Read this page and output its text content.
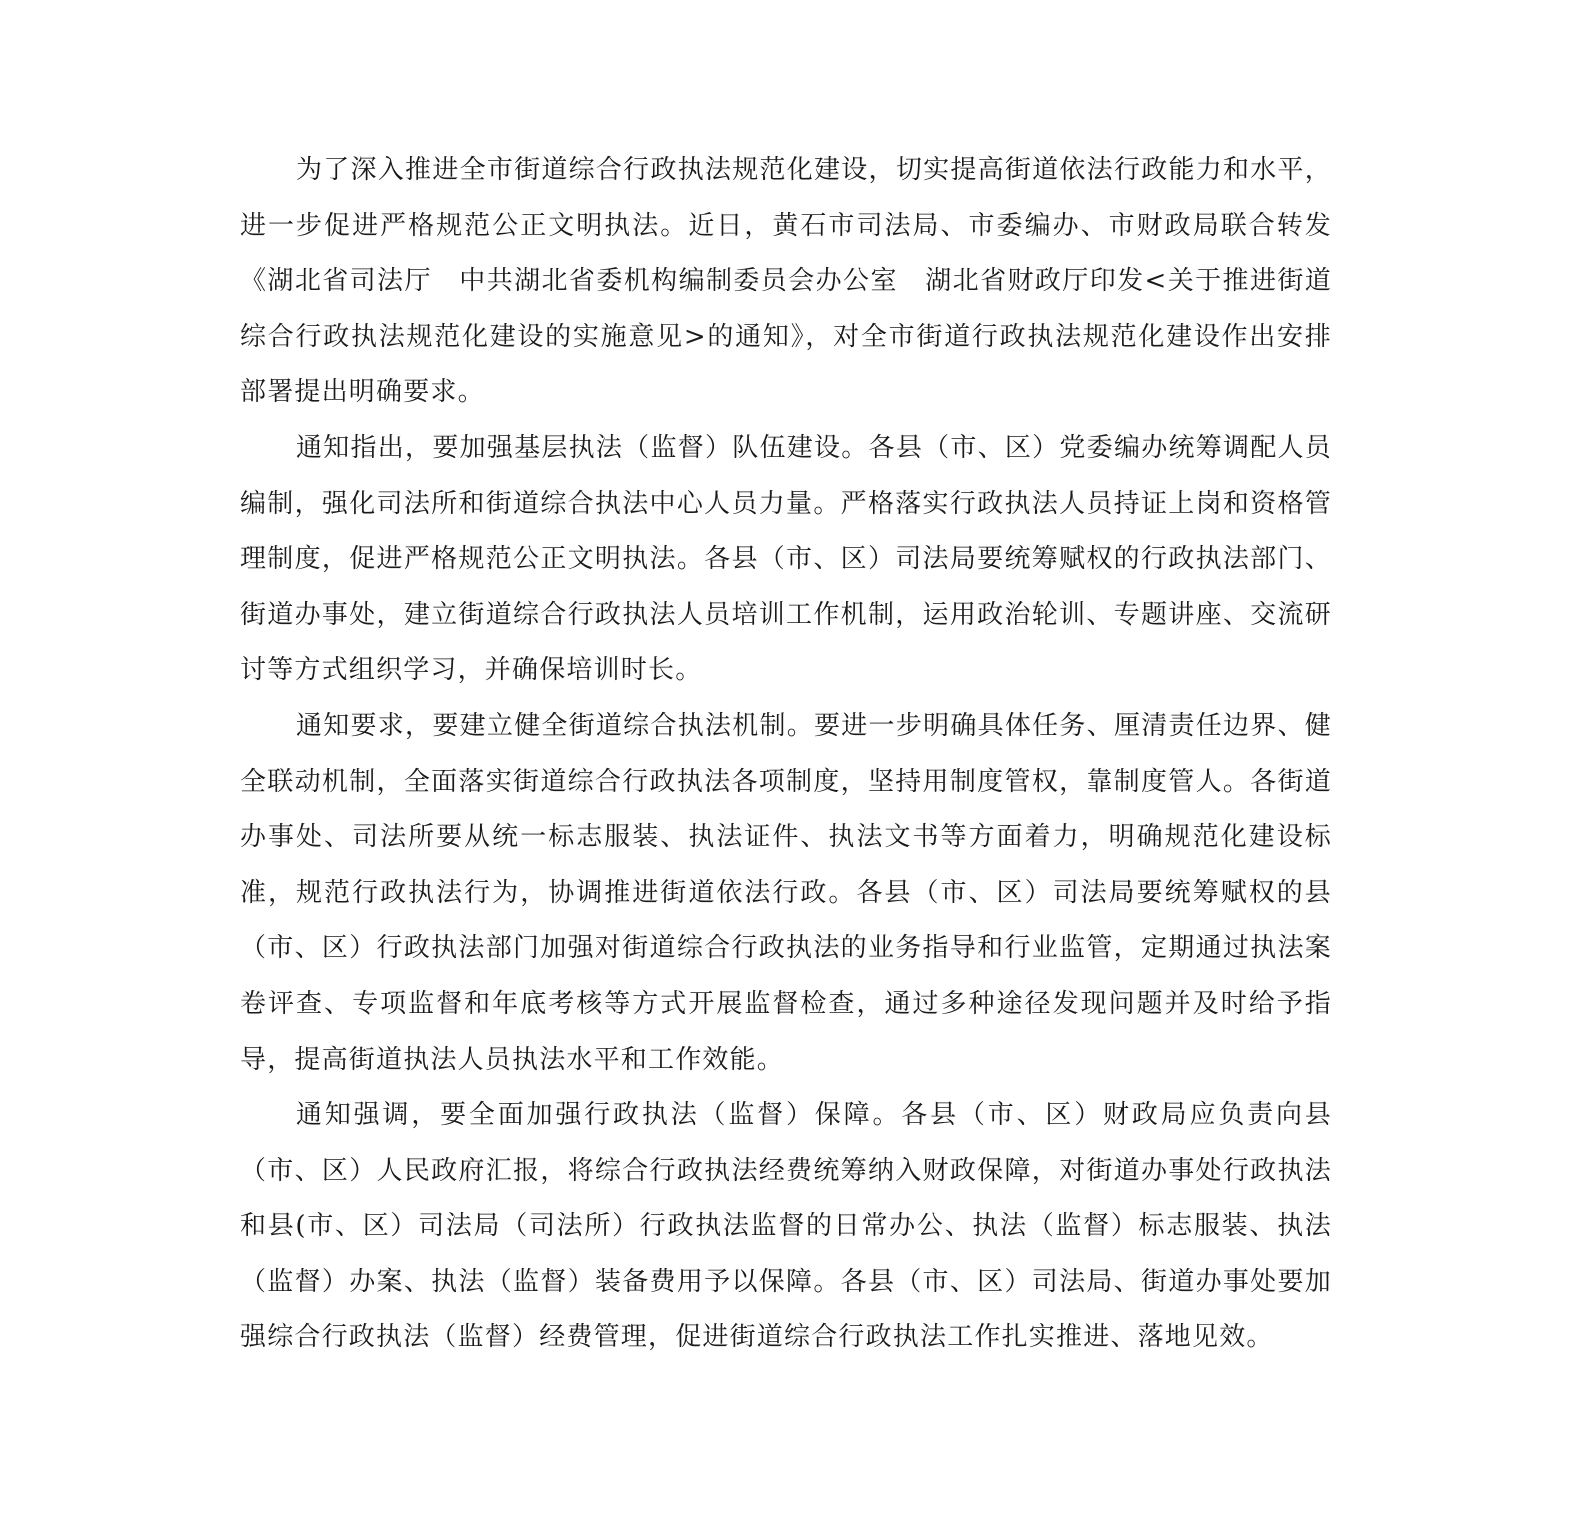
为了深入推进全市街道综合行政执法规范化建设，切实提高街道依法行政能力和水平，进一步促进严格规范公正文明执法。近日，黄石市司法局、市委编办、市财政局联合转发《湖北省司法厅　中共湖北省委机构编制委员会办公室　湖北省财政厅印发<关于推进街道综合行政执法规范化建设的实施意见>的通知》，对全市街道行政执法规范化建设作出安排部署提出明确要求。

通知指出，要加强基层执法（监督）队伍建设。各县（市、区）党委编办统筹调配人员编制，强化司法所和街道综合执法中心人员力量。严格落实行政执法人员持证上岗和资格管理制度，促进严格规范公正文明执法。各县（市、区）司法局要统筹赋权的行政执法部门、街道办事处，建立街道综合行政执法人员培训工作机制，运用政治轮训、专题讲座、交流研讨等方式组织学习，并确保培训时长。

通知要求，要建立健全街道综合执法机制。要进一步明确具体任务、厘清责任边界、健全联动机制，全面落实街道综合行政执法各项制度，坚持用制度管权，靠制度管人。各街道办事处、司法所要从统一标志服装、执法证件、执法文书等方面着力，明确规范化建设标准，规范行政执法行为，协调推进街道依法行政。各县（市、区）司法局要统筹赋权的县（市、区）行政执法部门加强对街道综合行政执法的业务指导和行业监管，定期通过执法案卷评查、专项监督和年底考核等方式开展监督检查，通过多种途径发现问题并及时给予指导，提高街道执法人员执法水平和工作效能。

通知强调，要全面加强行政执法（监督）保障。各县（市、区）财政局应负责向县（市、区）人民政府汇报，将综合行政执法经费统筹纳入财政保障，对街道办事处行政执法和县(市、区）司法局（司法所）行政执法监督的日常办公、执法（监督）标志服装、执法（监督）办案、执法（监督）装备费用予以保障。各县（市、区）司法局、街道办事处要加强综合行政执法（监督）经费管理，促进街道综合行政执法工作扎实推进、落地见效。
